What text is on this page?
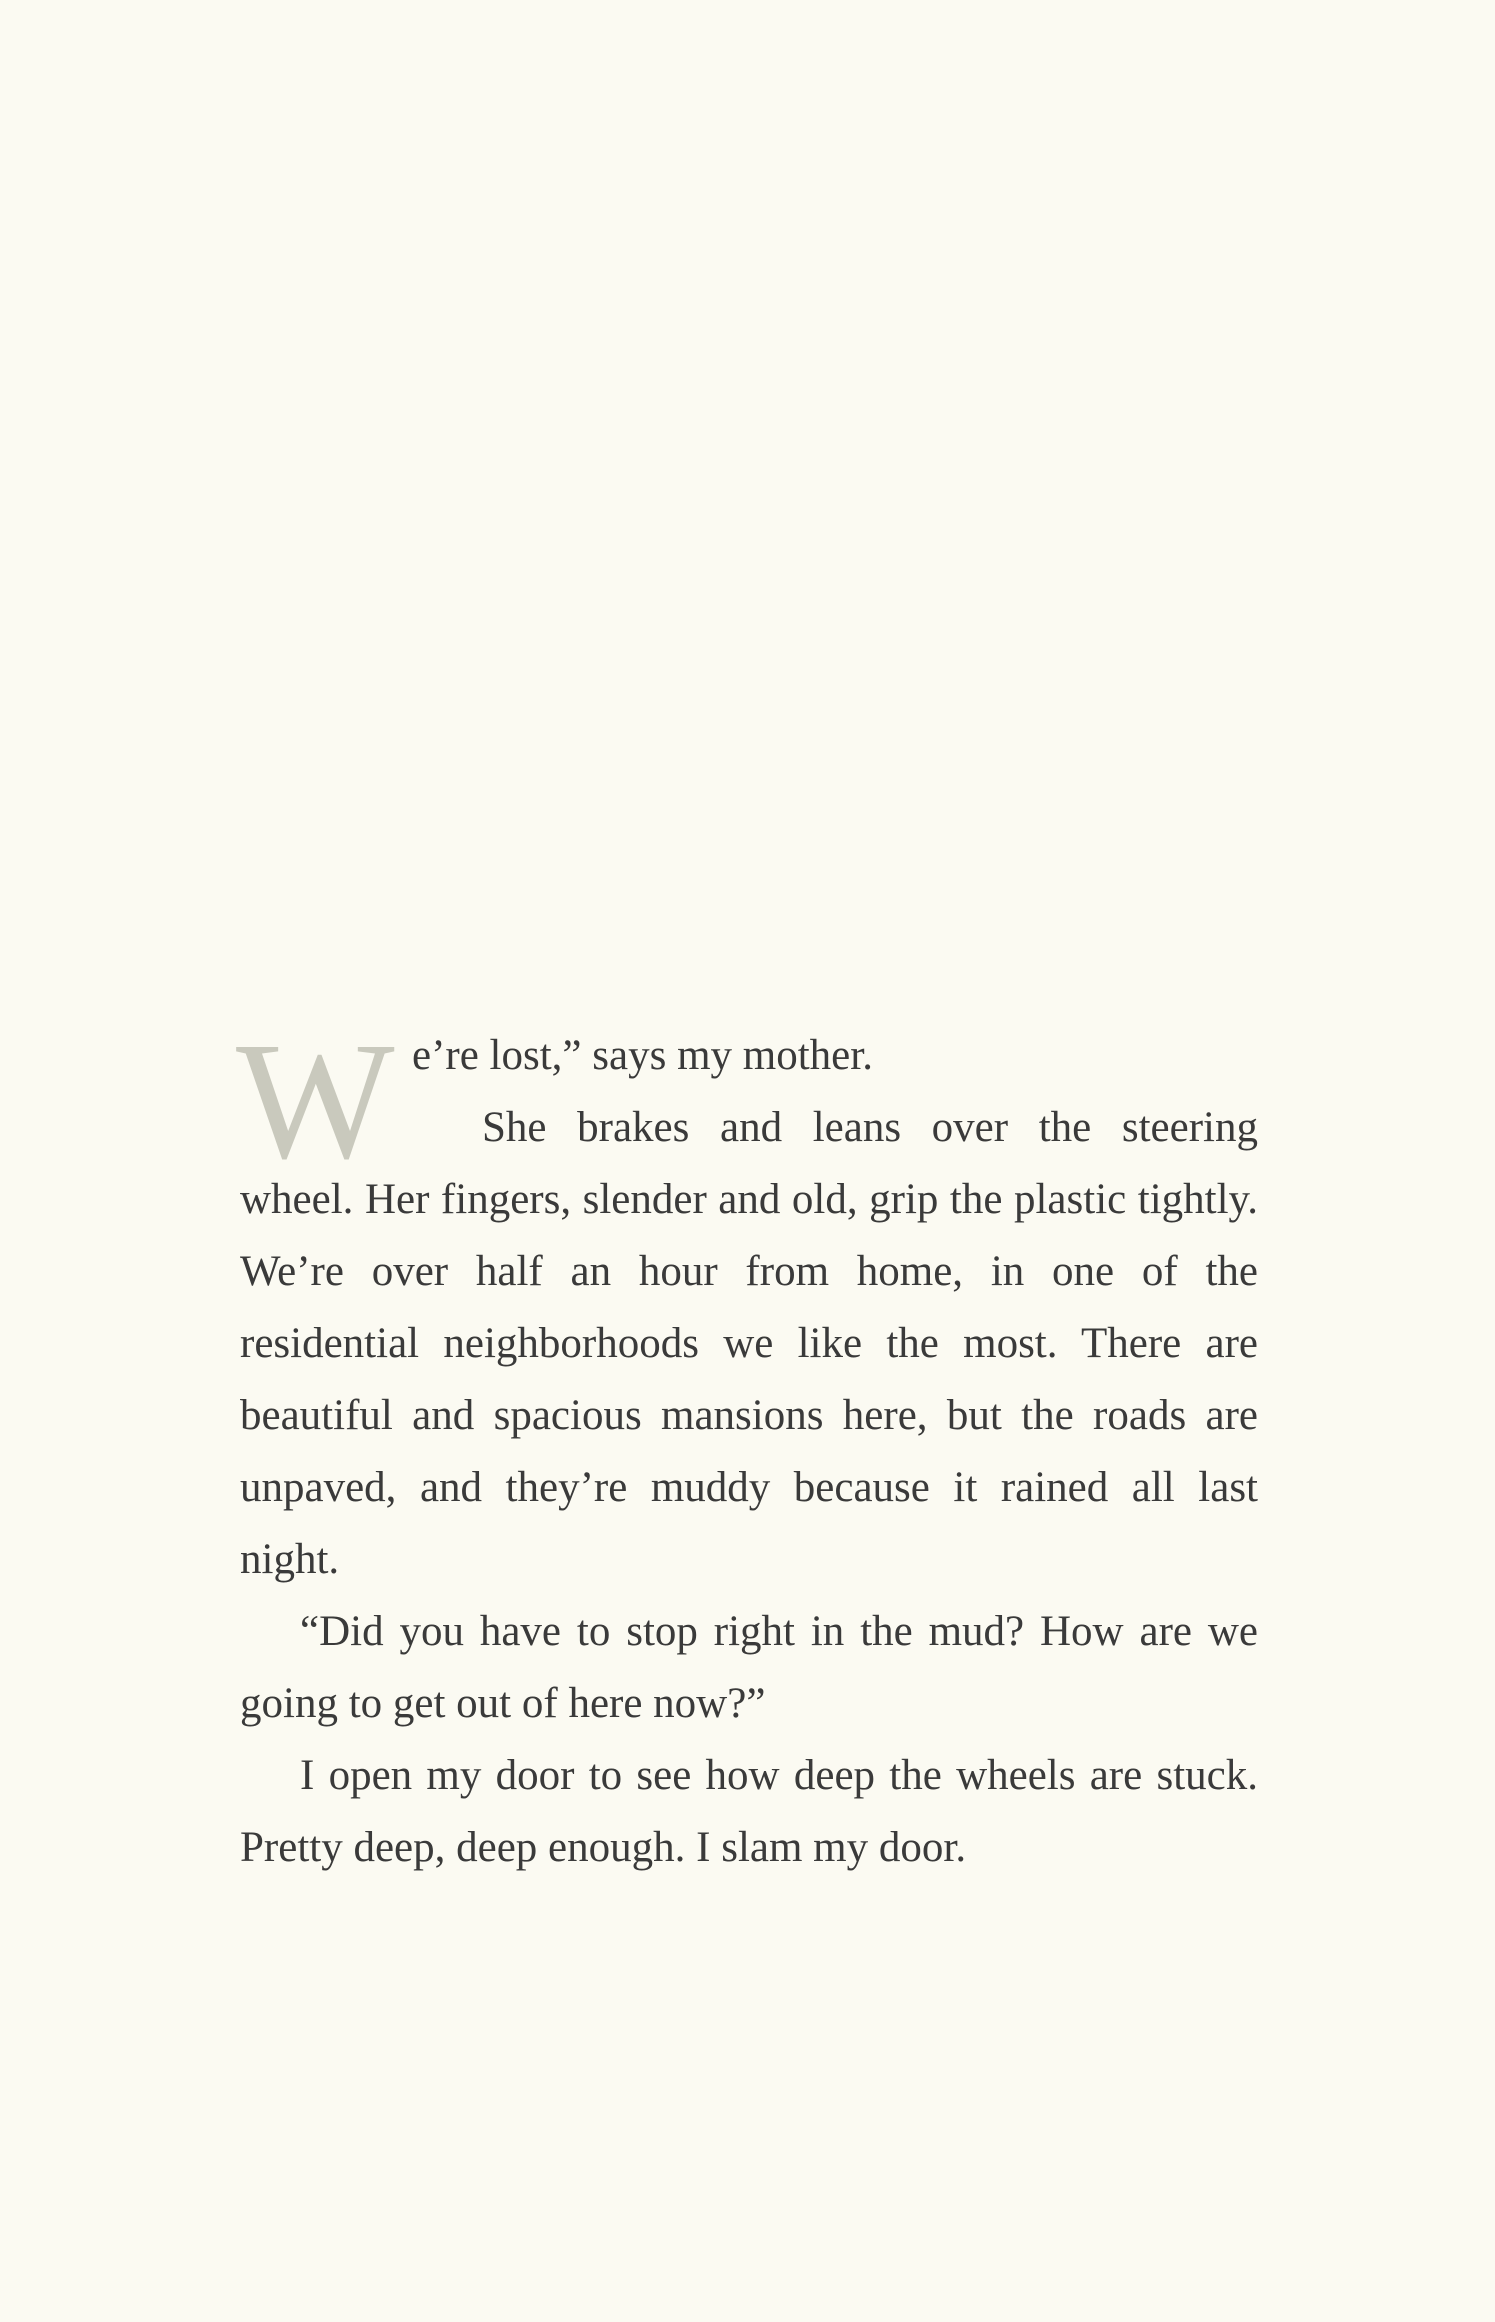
W e’re lost,” says my mother.
She brakes and leans over the steering
wheel. Her fingers, slender and old, grip the plastic tightly. We’re over half an hour from home, in one of the residential neighborhoods we like the most. There are beautiful and spacious mansions here, but the roads are unpaved, and they’re muddy because it rained all last night.
“Did you have to stop right in the mud? How are we going to get out of here now?”
I open my door to see how deep the wheels are stuck. Pretty deep, deep enough. I slam my door.
